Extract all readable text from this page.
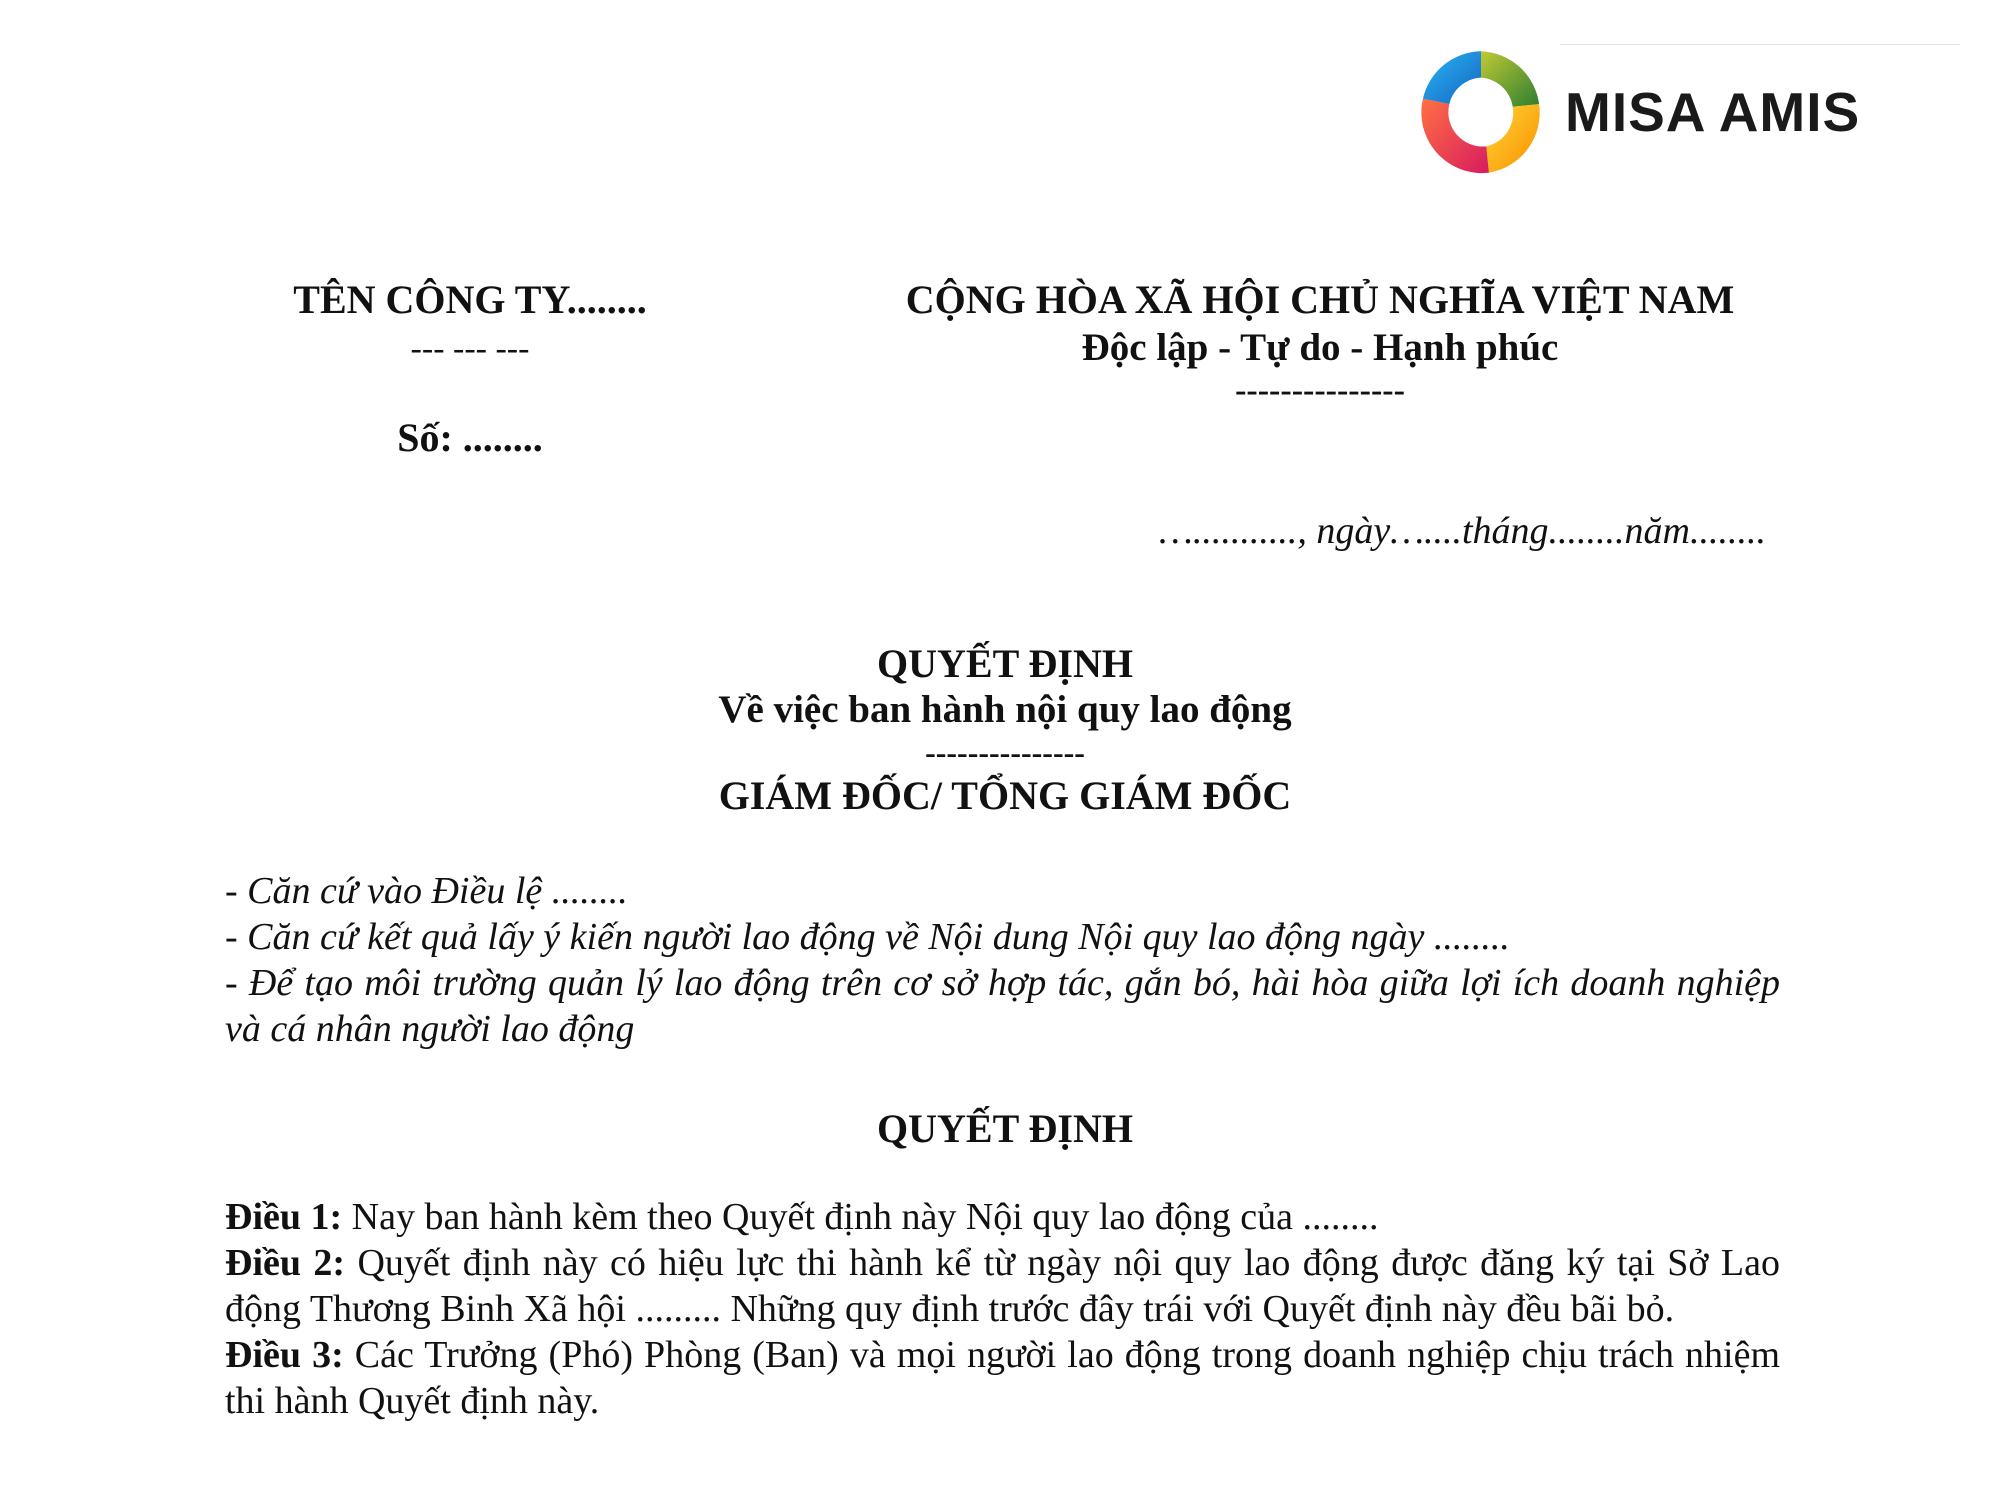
MISA AMIS
TÊN CÔNG TY........
--- --- ---
Số: ........
CỘNG HÒA XÃ HỘI CHỦ NGHĨA VIỆT NAM
Độc lập - Tự do - Hạnh phúc
---------------
…..........., ngày…....tháng........năm........
QUYẾT ĐỊNH
Về việc ban hành nội quy lao động
---------------
GIÁM ĐỐC/ TỔNG GIÁM ĐỐC

- Căn cứ vào Điều lệ ........

- Căn cứ kết quả lấy ý kiến người lao động về Nội dung Nội quy lao động ngày ........

- Để tạo môi trường quản lý lao động trên cơ sở hợp tác, gắn bó, hài hòa giữa lợi ích doanh nghiệp và cá nhân người lao động

QUYẾT ĐỊNH

Điều 1: Nay ban hành kèm theo Quyết định này Nội quy lao động của ........

Điều 2: Quyết định này có hiệu lực thi hành kể từ ngày nội quy lao động được đăng ký tại Sở Lao động Thương Binh Xã hội ......... Những quy định trước đây trái với Quyết định này đều bãi bỏ.

Điều 3: Các Trưởng (Phó) Phòng (Ban) và mọi người lao động trong doanh nghiệp chịu trách nhiệm thi hành Quyết định này.
